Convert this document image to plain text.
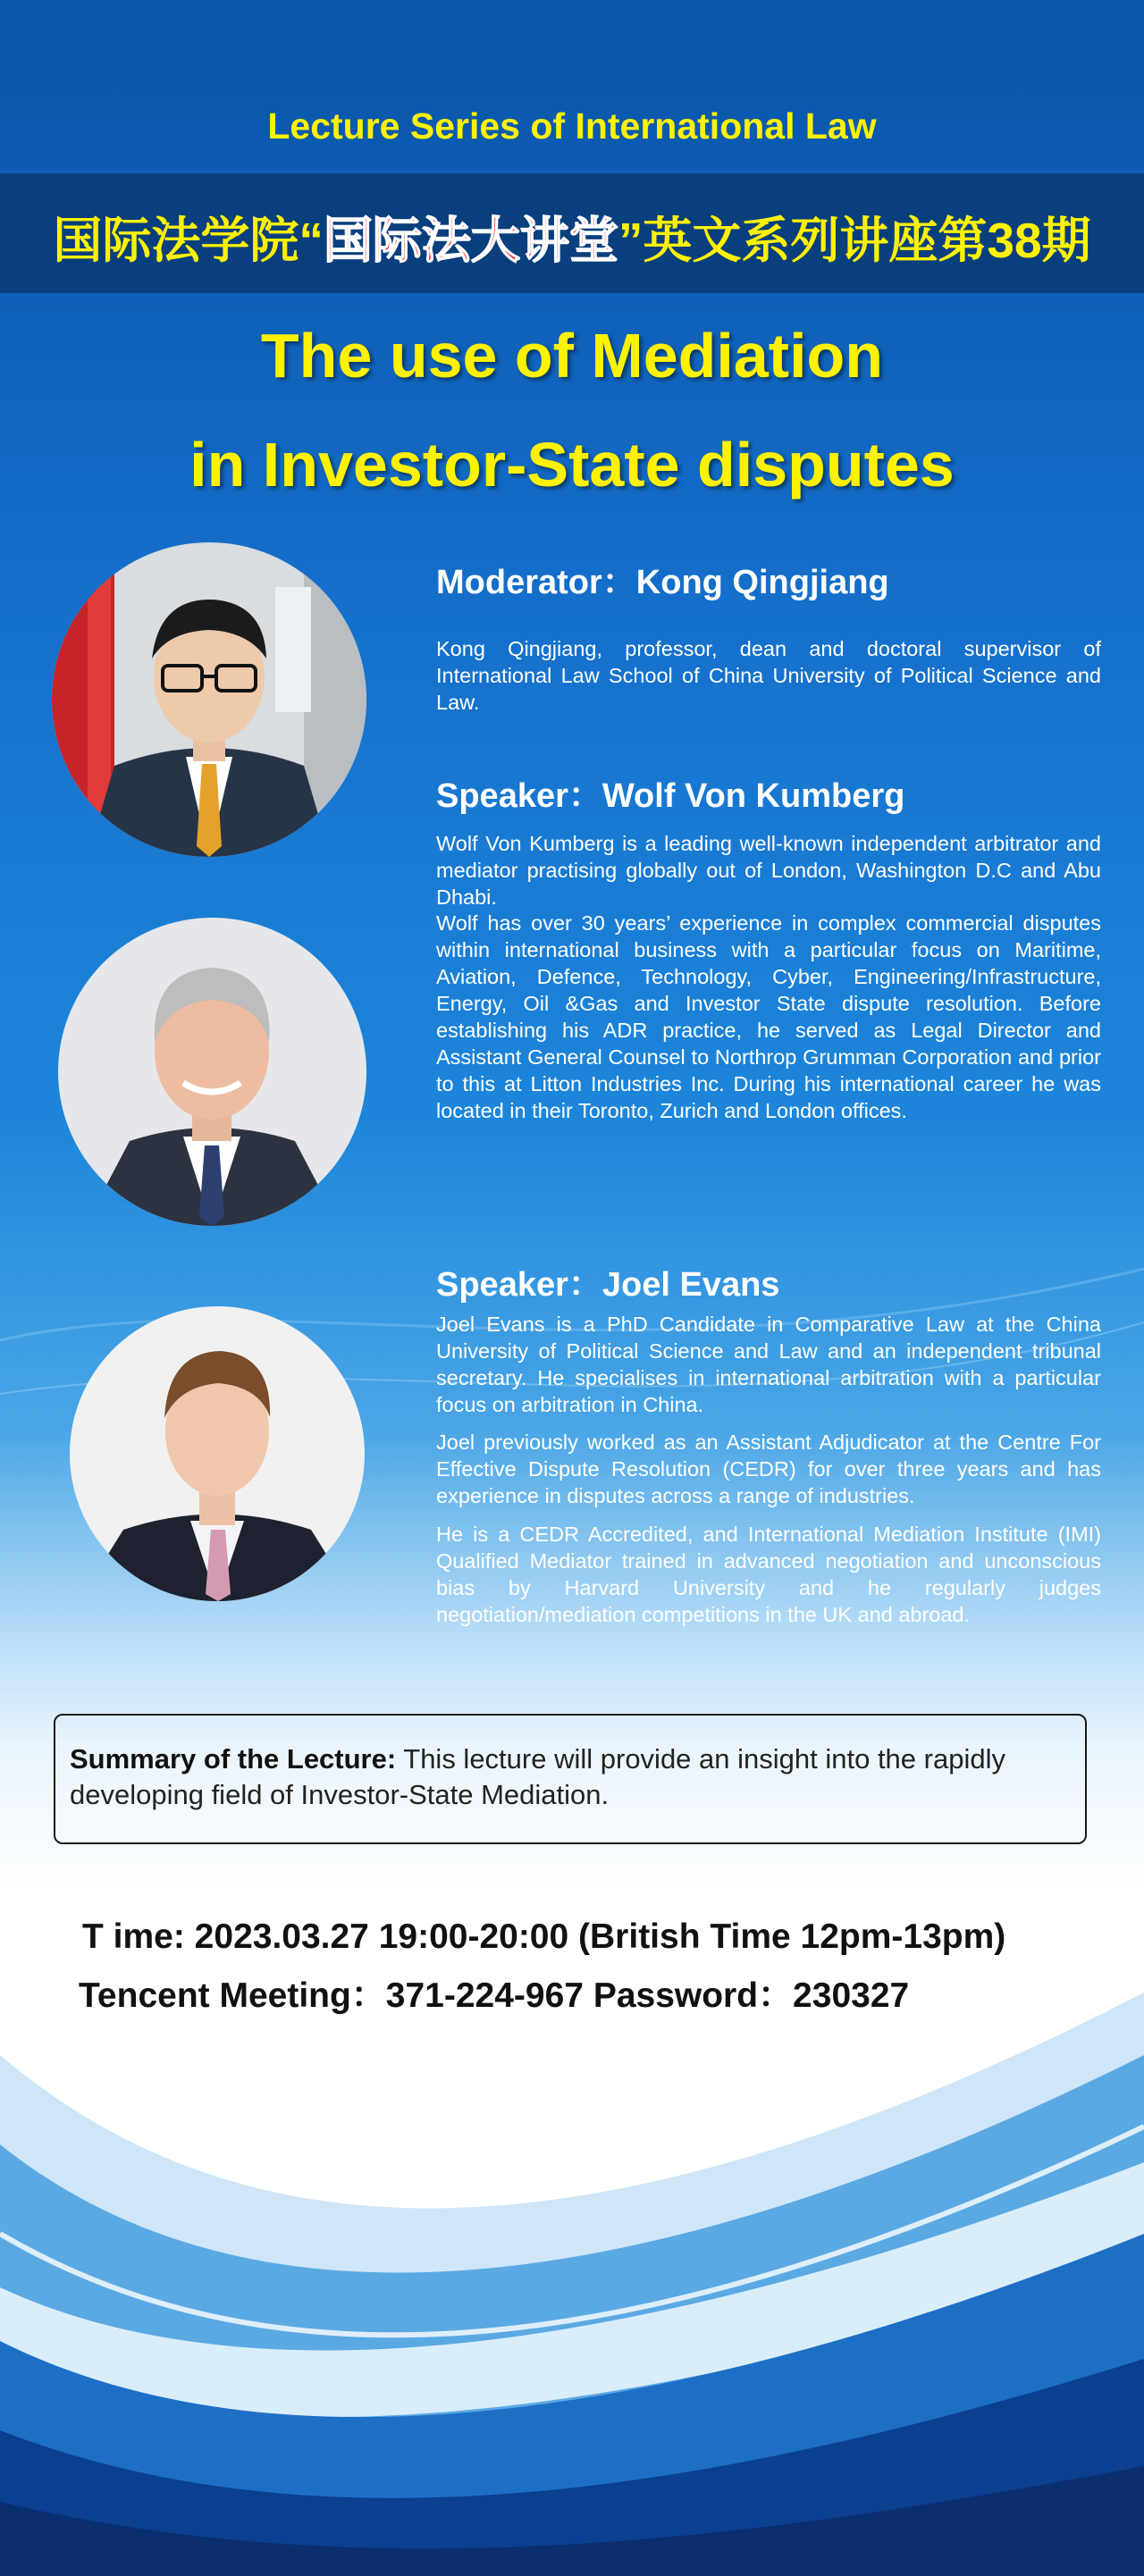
Lecture Series of International Law

国际法学院“国际法大讲堂”英文系列讲座第38期

The use of Mediation

in Investor-State disputes

Moderator：Kong Qingjiang

Kong Qingjiang, professor, dean and doctoral supervisor of International Law School of China University of Political Science and Law.

Speaker：Wolf Von Kumberg

Wolf Von Kumberg is a leading well-known independent arbitrator and mediator practising globally out of London, Washington D.C and Abu Dhabi.

Wolf has over 30 years’ experience in complex commercial disputes within international business with a particular focus on Maritime, Aviation, Defence, Technology, Cyber, Engineering/Infrastructure, Energy, Oil &Gas and Investor State dispute resolution. Before establishing his ADR practice, he served as Legal Director and Assistant General Counsel to Northrop Grumman Corporation and prior to this at Litton Industries Inc. During his international career he was located in their Toronto, Zurich and London offices.

Speaker：Joel Evans

Joel Evans is a PhD Candidate in Comparative Law at the China University of Political Science and Law and an independent tribunal secretary. He specialises in international arbitration with a particular focus on arbitration in China.

Joel previously worked as an Assistant Adjudicator at the Centre For Effective Dispute Resolution (CEDR) for over three years and has experience in disputes across a range of industries.

He is a CEDR Accredited, and International Mediation Institute (IMI) Qualified Mediator trained in advanced negotiation and unconscious bias by Harvard University and he regularly judges negotiation/mediation competitions in the UK and abroad.

Summary of the Lecture: This lecture will provide an insight into the rapidly developing field of Investor-State Mediation.

T ime: 2023.03.27 19:00-20:00 (British Time 12pm-13pm)

Tencent Meeting：371-224-967 Password：230327
